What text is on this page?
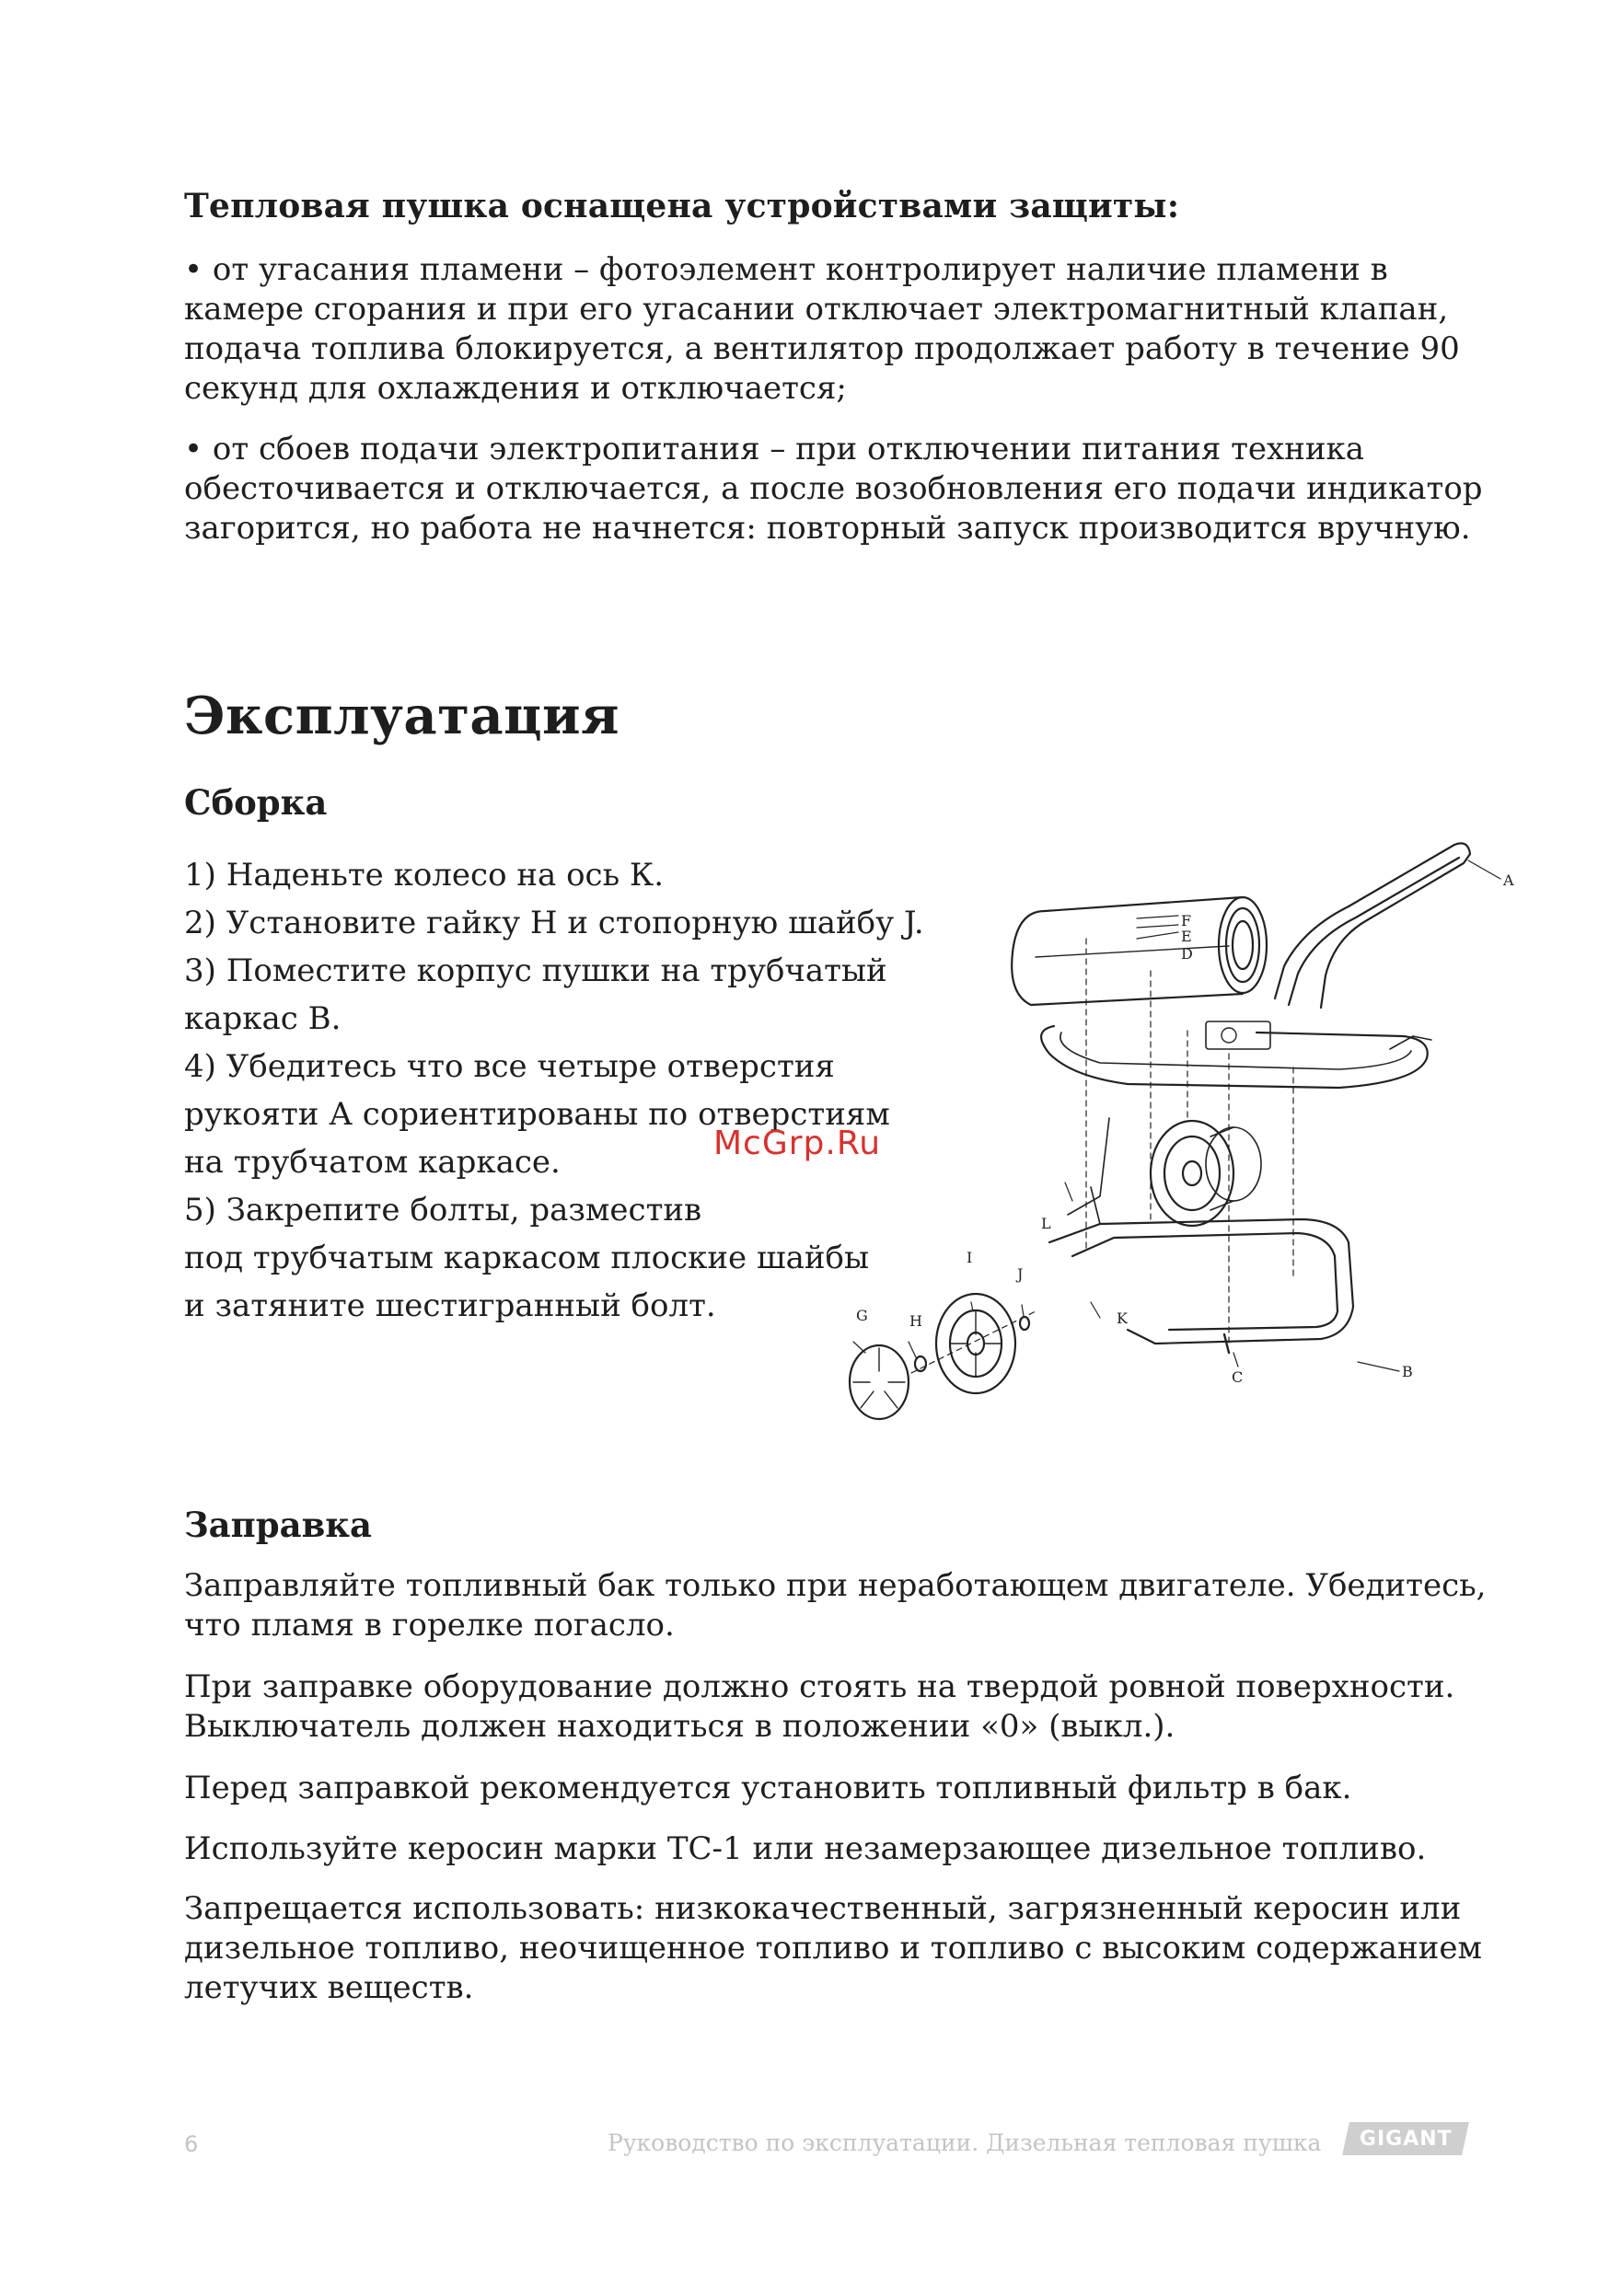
Тепловая пушка оснащена устройствами защиты:

• от угасания пламени – фотоэлемент контролирует наличие пламени в камере сгорания и при его угасании отключает электромагнитный клапан, подача топлива блокируется, а вентилятор продолжает работу в течение 90 секунд для охлаждения и отключается;

• от сбоев подачи электропитания – при отключении питания техника обесточивается и отключается, а после возобновления его подачи индикатор загорится, но работа не начнется: повторный запуск производится вручную.

Эксплуатация
Сборка
1) Наденьте колесо на ось К.
2) Установите гайку Н и стопорную шайбу J.
3) Поместите корпус пушки на трубчатый
каркас В.
4) Убедитесь что все четыре отверстия
рукояти А сориентированы по отверстиям
на трубчатом каркасе.
5) Закрепите болты, разместив
под трубчатым каркасом плоские шайбы
и затяните шестигранный болт.
A
B
C
D
E
F
G	H
I
J
K
L
McGrp.Ru
Заправка

Заправляйте топливный бак только при неработающем двигателе. Убедитесь, что пламя в горелке погасло.

При заправке оборудование должно стоять на твердой ровной поверхности. Выключатель должен находиться в положении «0» (выкл.).

Перед заправкой рекомендуется установить топливный фильтр в бак.

Используйте керосин марки ТС-1 или незамерзающее дизельное топливо.

Запрещается использовать: низкокачественный, загрязненный керосин или дизельное топливо, неочищенное топливо и топливо с высоким содержанием летучих веществ.

6	Руководство по эксплуатации. Дизельная тепловая пушка GIGANT
